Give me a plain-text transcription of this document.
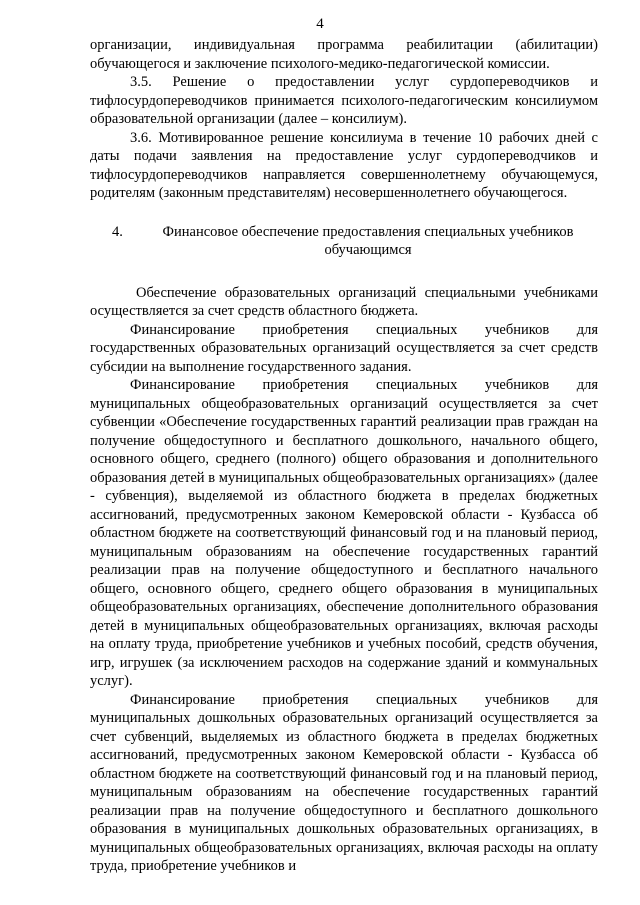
4

организации, индивидуальная программа реабилитации (абилитации) обучающегося и заключение психолого-медико-педагогической комиссии.

3.5. Решение о предоставлении услуг сурдопереводчиков и тифлосурдопереводчиков принимается психолого-педагогическим консилиумом образовательной организации (далее – консилиум).

3.6. Мотивированное решение консилиума в течение 10 рабочих дней с даты подачи заявления на предоставление услуг сурдопереводчиков и тифлосурдопереводчиков направляется совершеннолетнему обучающемуся, родителям (законным представителям) несовершеннолетнего обучающегося.

4.	Финансовое обеспечение предоставления специальных учебников обучающимся

Обеспечение образовательных организаций специальными учебниками осуществляется за счет средств областного бюджета.

Финансирование приобретения специальных учебников для государственных образовательных организаций осуществляется за счет средств субсидии на выполнение государственного задания.

Финансирование приобретения специальных учебников для муниципальных общеобразовательных организаций осуществляется за счет субвенции «Обеспечение государственных гарантий реализации прав граждан на получение общедоступного и бесплатного дошкольного, начального общего, основного общего, среднего (полного) общего образования и дополнительного образования детей в муниципальных общеобразовательных организациях» (далее - субвенция), выделяемой из областного бюджета в пределах бюджетных ассигнований, предусмотренных законом Кемеровской области - Кузбасса об областном бюджете на соответствующий финансовый год и на плановый период, муниципальным образованиям на обеспечение государственных гарантий реализации прав на получение общедоступного и бесплатного начального общего, основного общего, среднего общего образования в муниципальных общеобразовательных организациях, обеспечение дополнительного образования детей в муниципальных общеобразовательных организациях, включая расходы на оплату труда, приобретение учебников и учебных пособий, средств обучения, игр, игрушек (за исключением расходов на содержание зданий и коммунальных услуг).

Финансирование приобретения специальных учебников для муниципальных дошкольных образовательных организаций осуществляется за счет субвенций, выделяемых из областного бюджета в пределах бюджетных ассигнований, предусмотренных законом Кемеровской области - Кузбасса об областном бюджете на соответствующий финансовый год и на плановый период, муниципальным образованиям на обеспечение государственных гарантий реализации прав на получение общедоступного и бесплатного дошкольного образования в муниципальных дошкольных образовательных организациях, в муниципальных общеобразовательных организациях, включая расходы на оплату труда, приобретение учебников и
